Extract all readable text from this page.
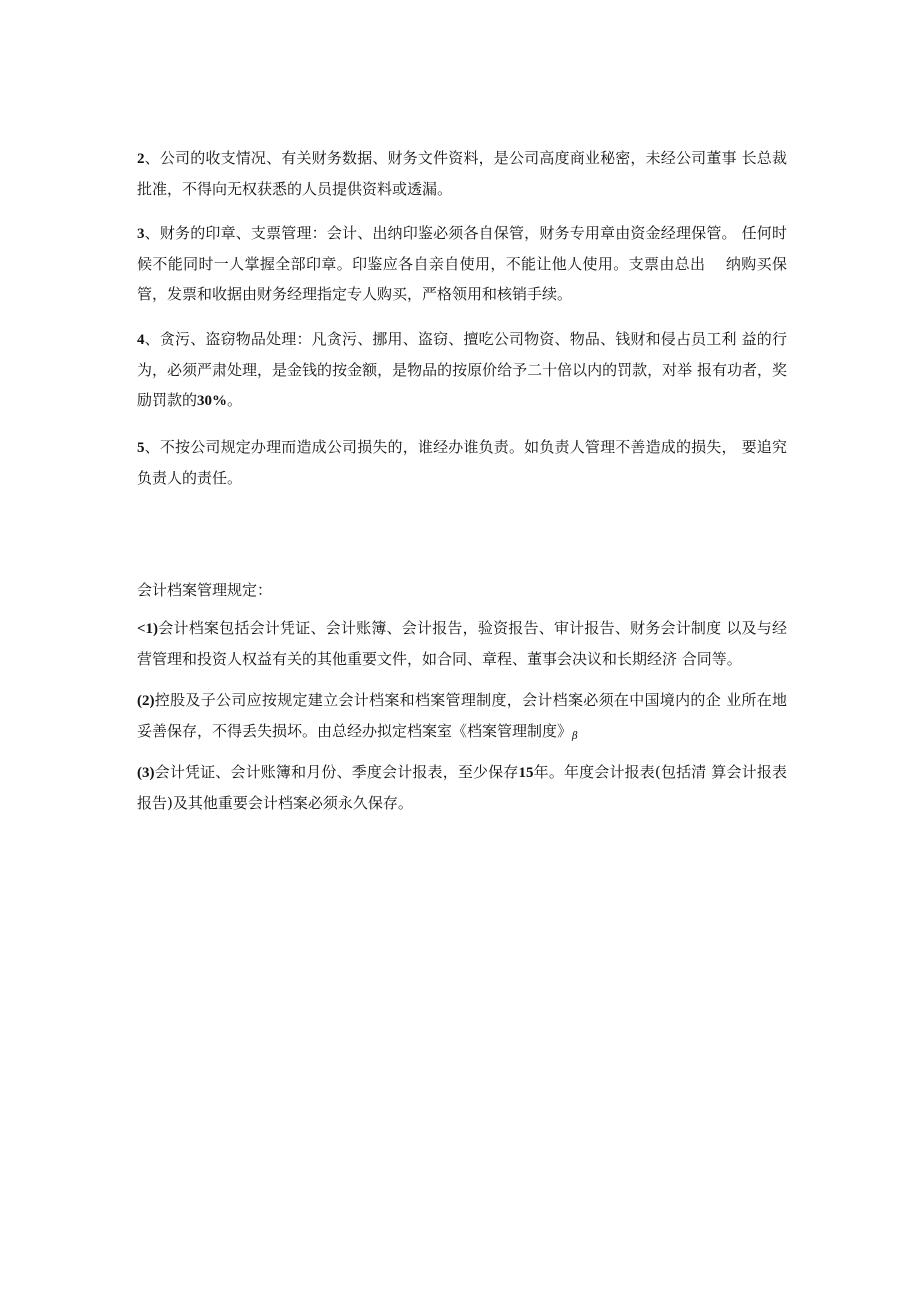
2、公司的收支情况、有关财务数据、财务文件资料，是公司高度商业秘密，未经公司董事 长总裁批准，不得向无权获悉的人员提供资料或透漏。

3、财务的印章、支票管理：会计、出纳印鉴必须各自保管，财务专用章由资金经理保管。 任何时候不能同时一人掌握全部印章。印鉴应各自亲自使用，不能让他人使用。支票由总出 　纳购买保管，发票和收据由财务经理指定专人购买，严格领用和核销手续。

4、贪污、盗窃物品处理：凡贪污、挪用、盗窃、擅吃公司物资、物品、钱财和侵占员工利 益的行为，必须严肃处理，是金钱的按金额，是物品的按原价给予二十倍以内的罚款，对举 报有功者，奖励罚款的30%。

5、不按公司规定办理而造成公司损失的，谁经办谁负责。如负责人管理不善造成的损失， 要追究负责人的责任。

会计档案管理规定：

<1)会计档案包括会计凭证、会计账簿、会计报告，验资报告、审计报告、财务会计制度 以及与经营管理和投资人权益有关的其他重要文件，如合同、章程、董事会决议和长期经济 合同等。

(2)控股及子公司应按规定建立会计档案和档案管理制度，会计档案必须在中国境内的企 业所在地妥善保存，不得丢失损坏。由总经办拟定档案室《档案管理制度》$_\beta$

(3)会计凭证、会计账簿和月份、季度会计报表，至少保存15年。年度会计报表(包括清 算会计报表报告)及其他重要会计档案必须永久保存。
